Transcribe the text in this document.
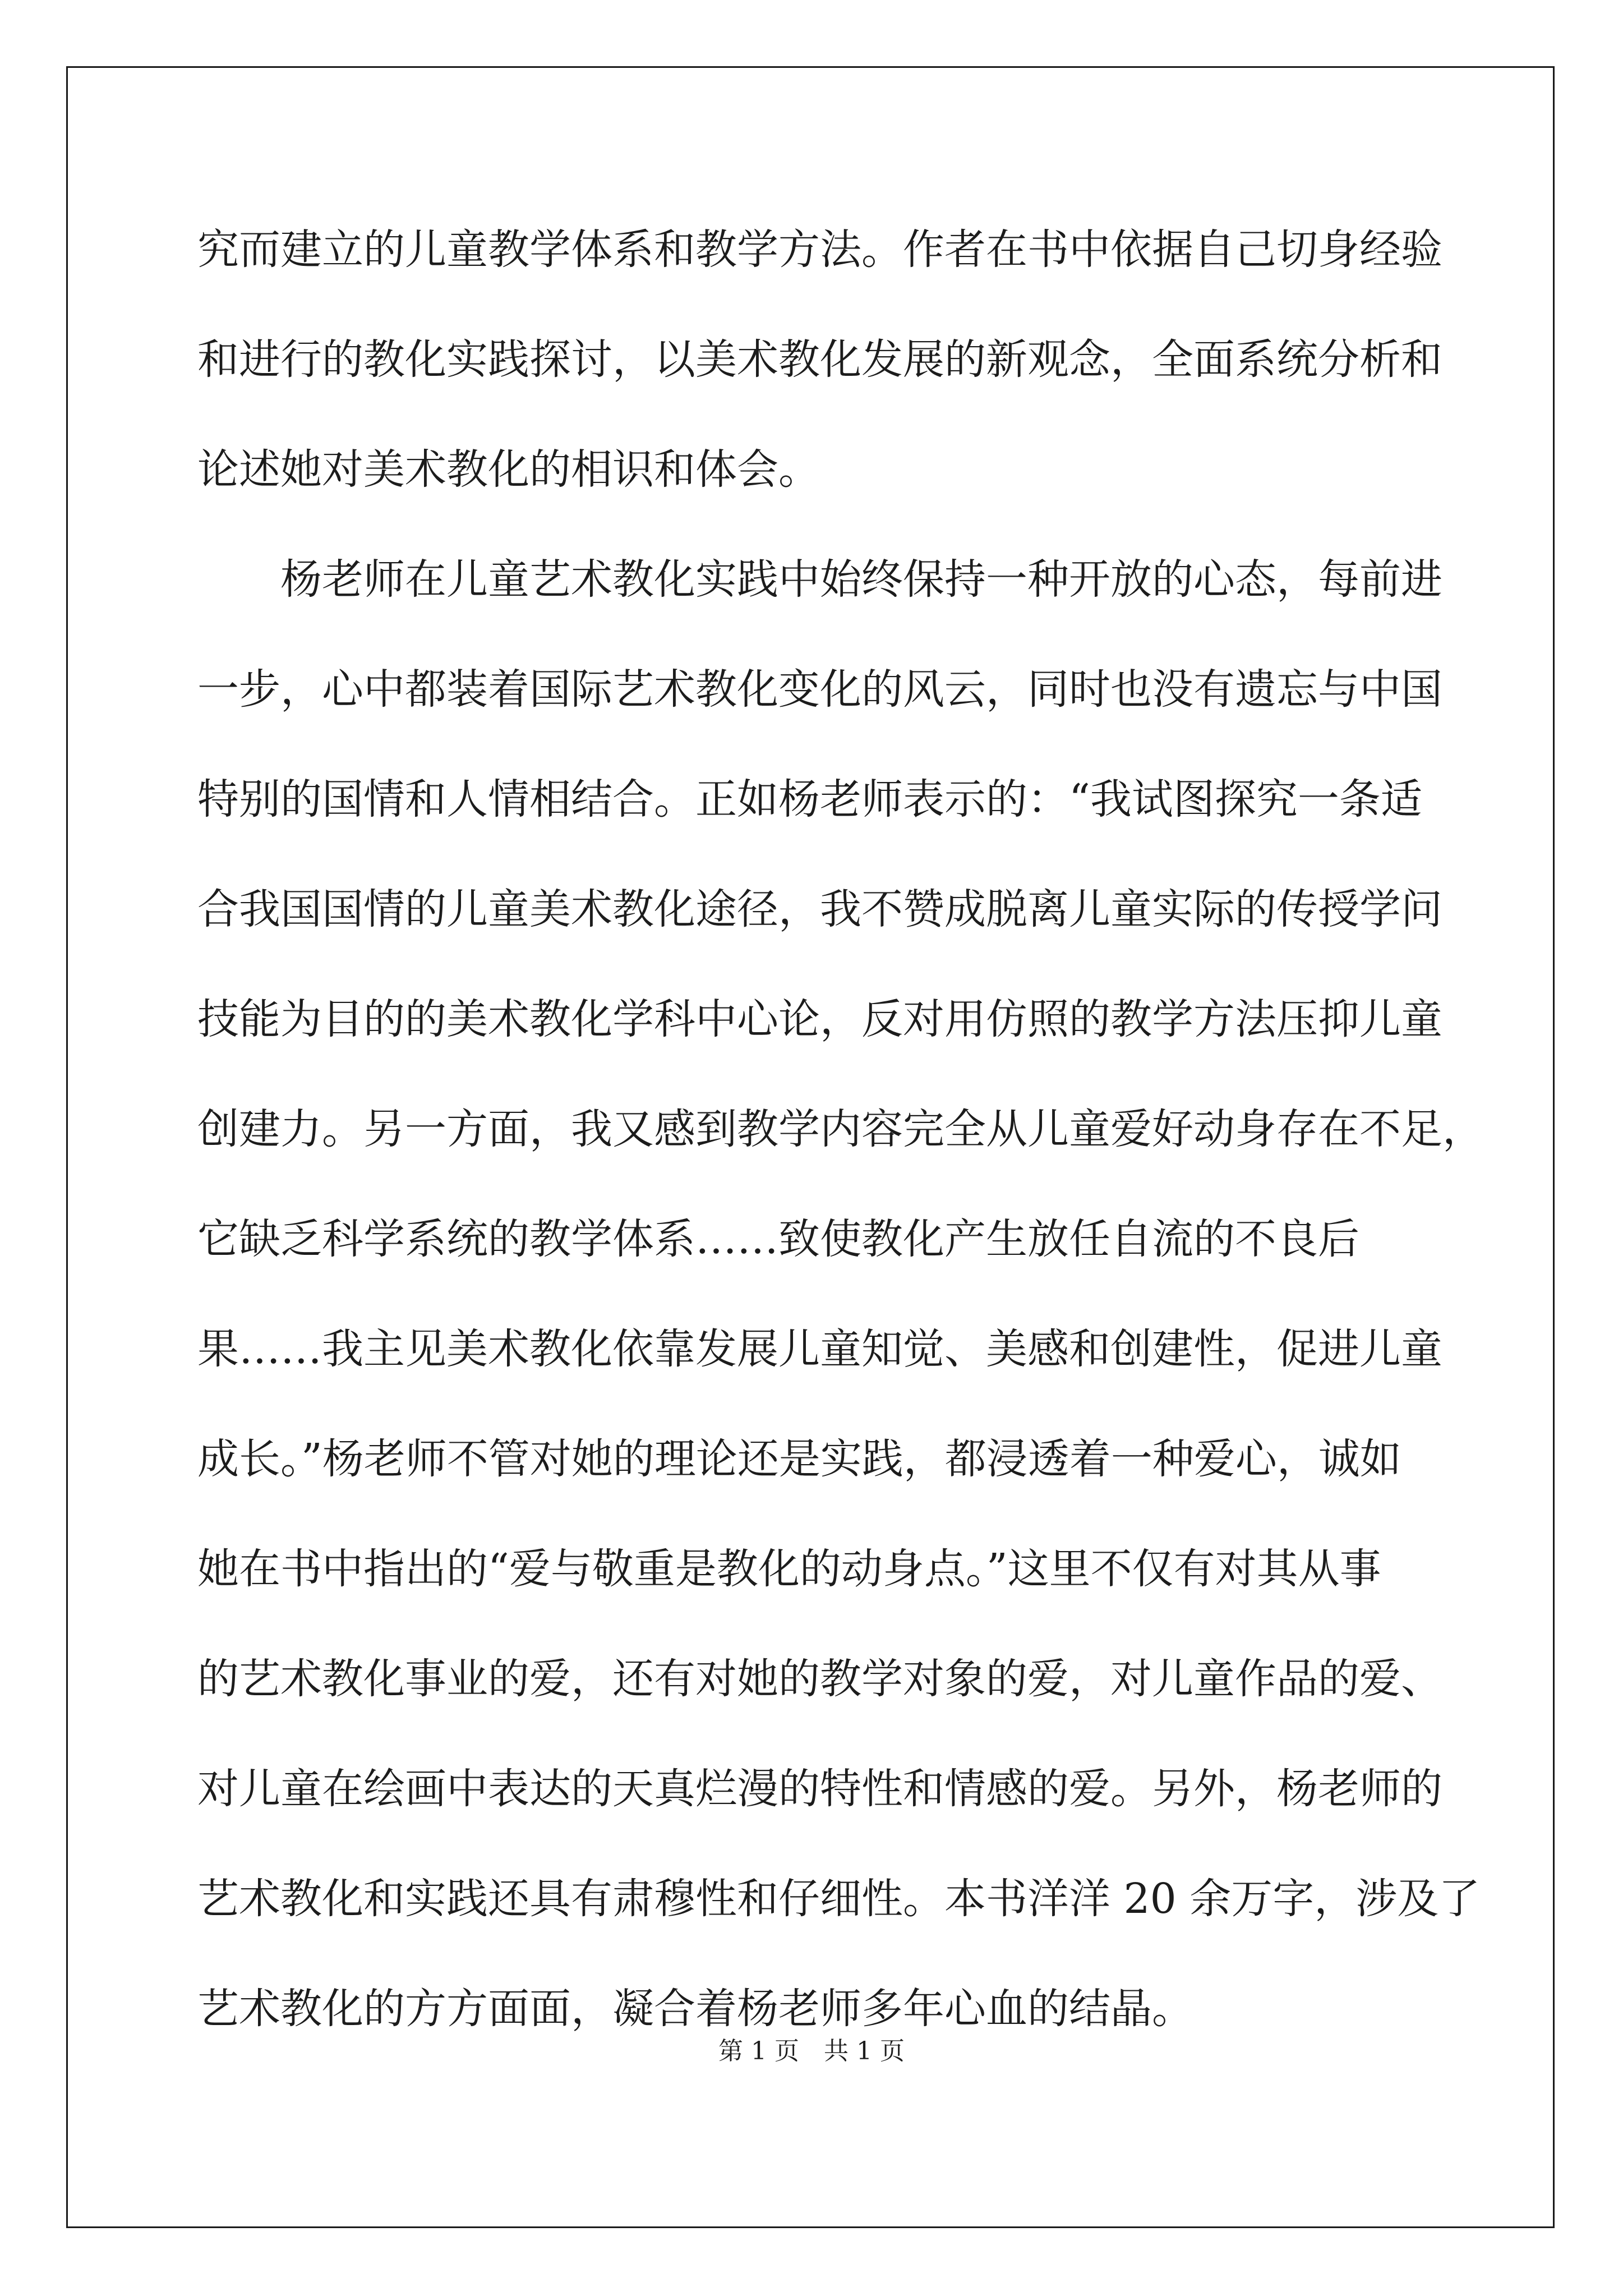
究而建立的儿童教学体系和教学方法。作者在书中依据自己切身经验

和进行的教化实践探讨，以美术教化发展的新观念，全面系统分析和

论述她对美术教化的相识和体会。

杨老师在儿童艺术教化实践中始终保持一种开放的心态，每前进

一步，心中都装着国际艺术教化变化的风云，同时也没有遗忘与中国

特别的国情和人情相结合。正如杨老师表示的：“我试图探究一条适

合我国国情的儿童美术教化途径，我不赞成脱离儿童实际的传授学问

技能为目的的美术教化学科中心论，反对用仿照的教学方法压抑儿童

创建力。另一方面，我又感到教学内容完全从儿童爱好动身存在不足，

它缺乏科学系统的教学体系……致使教化产生放任自流的不良后

果……我主见美术教化依靠发展儿童知觉、美感和创建性，促进儿童

成长。”杨老师不管对她的理论还是实践，都浸透着一种爱心，诚如

她在书中指出的“爱与敬重是教化的动身点。”这里不仅有对其从事

的艺术教化事业的爱，还有对她的教学对象的爱，对儿童作品的爱、

对儿童在绘画中表达的天真烂漫的特性和情感的爱。另外，杨老师的

艺术教化和实践还具有肃穆性和仔细性。本书洋洋 20 余万字，涉及了

艺术教化的方方面面，凝合着杨老师多年心血的结晶。

第 1 页　共 1 页
